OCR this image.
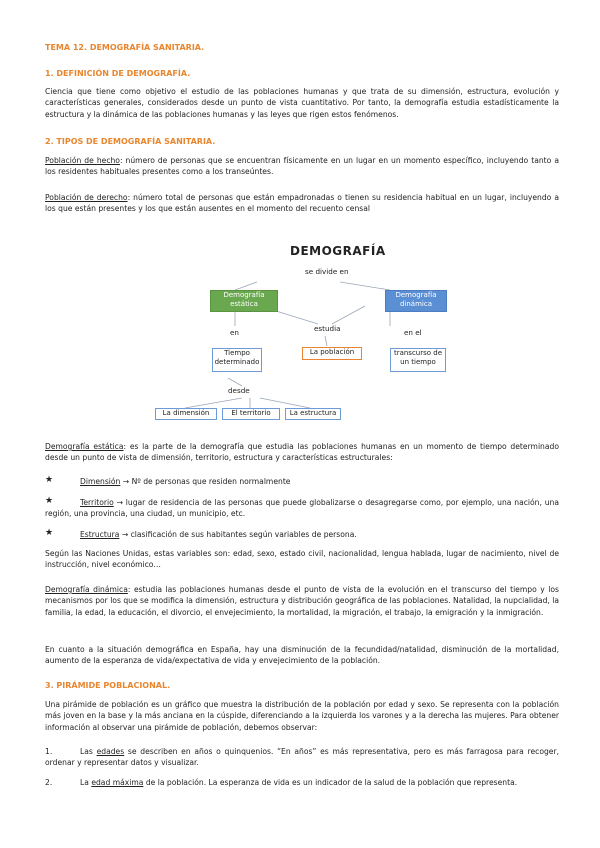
TEMA 12. DEMOGRAFÍA SANITARIA.
1. DEFINICIÓN DE DEMOGRAFÍA.

Ciencia que tiene como objetivo el estudio de las poblaciones humanas y que trata de su dimensión, estructura, evolución y características generales, considerados desde un punto de vista cuantitativo. Por tanto, la demografía estudia estadísticamente la estructura y la dinámica de las poblaciones humanas y las leyes que rigen estos fenómenos.

2. TIPOS DE DEMOGRAFÍA SANITARIA.

Población de hecho: número de personas que se encuentran físicamente en un lugar en un momento específico, incluyendo tanto a los residentes habituales presentes como a los transeúntes.

Población de derecho: número total de personas que están empadronadas o tienen su residencia habitual en un lugar, incluyendo a los que están presentes y los que están ausentes en el momento del recuento censal

DEMOGRAFÍA
se divide en
Demografía estática
Demografía dinámica
en	estudia	en el
Tiempo determinado
La población	transcurso de un tiempo
desde
La dimensión	El territorio	La estructura

Demografía estática: es la parte de la demografía que estudia las poblaciones humanas en un momento de tiempo determinado desde un punto de vista de dimensión, territorio, estructura y características estructurales:

★	Dimensión → Nº de personas que residen normalmente

★	Territorio → lugar de residencia de las personas que puede globalizarse o desagregarse como, por ejemplo, una nación, una región, una provincia, una ciudad, un municipio, etc.

★	Estructura → clasificación de sus habitantes según variables de persona.

Según las Naciones Unidas, estas variables son: edad, sexo, estado civil, nacionalidad, lengua hablada, lugar de nacimiento, nivel de instrucción, nivel económico…

Demografía dinámica: estudia las poblaciones humanas desde el punto de vista de la evolución en el transcurso del tiempo y los mecanismos por los que se modifica la dimensión, estructura y distribución geográfica de las poblaciones. Natalidad, la nupcialidad, la familia, la edad, la educación, el divorcio, el envejecimiento, la mortalidad, la migración, el trabajo, la emigración y la inmigración.

En cuanto a la situación demográfica en España, hay una disminución de la fecundidad/natalidad, disminución de la mortalidad, aumento de la esperanza de vida/expectativa de vida y envejecimiento de la población.

3. PIRÁMIDE POBLACIONAL.

Una pirámide de población es un gráfico que muestra la distribución de la población por edad y sexo. Se representa con la población más joven en la base y la más anciana en la cúspide, diferenciando a la izquierda los varones y a la derecha las mujeres. Para obtener información al observar una pirámide de población, debemos observar:

1.	Las edades se describen en años o quinquenios. “En años” es más representativa, pero es más farragosa para recoger, ordenar y representar datos y visualizar.

2.	La edad máxima de la población. La esperanza de vida es un indicador de la salud de la población que representa.
